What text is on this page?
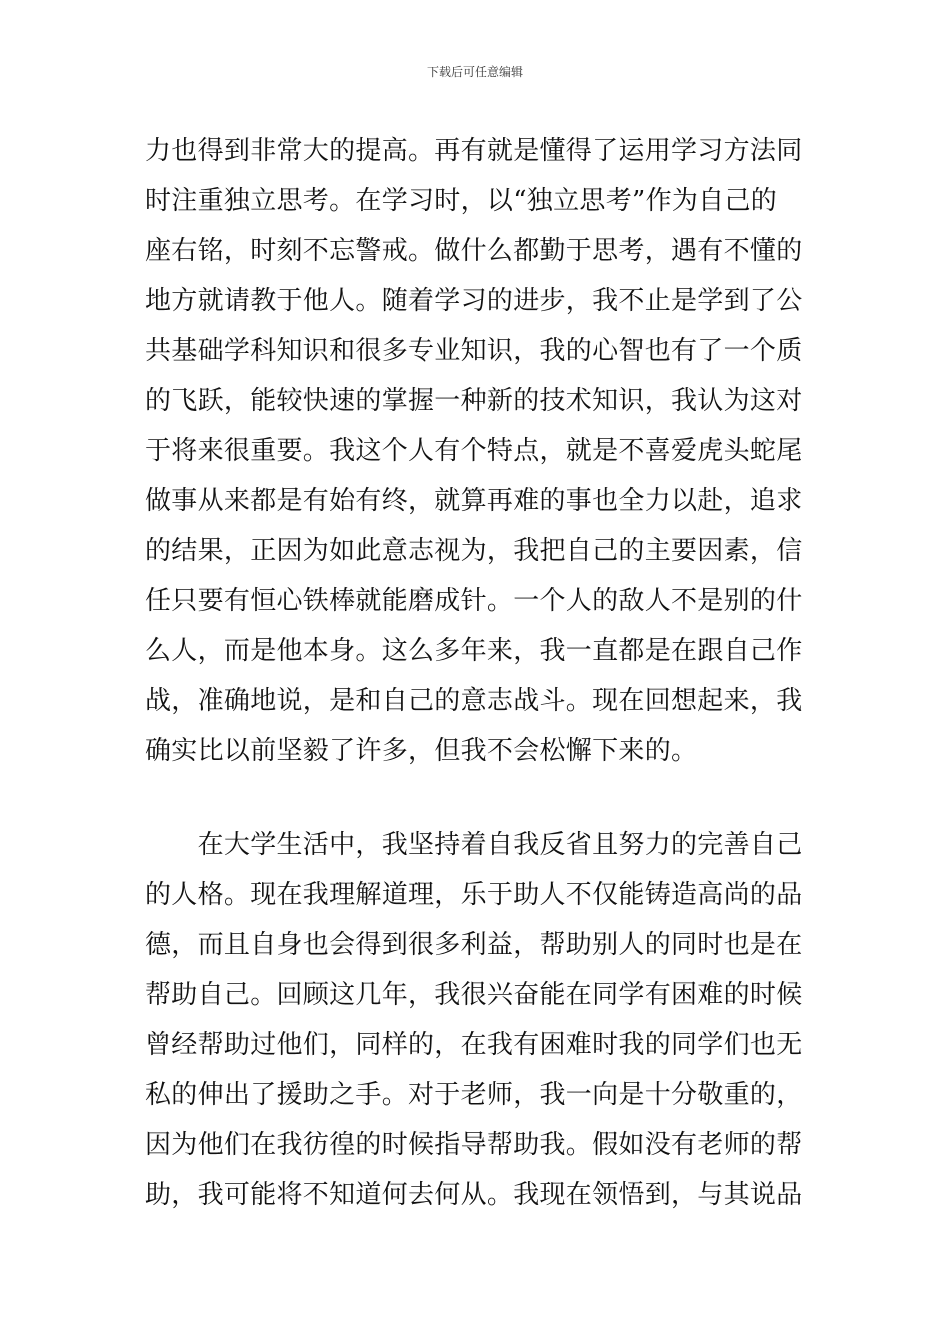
下载后可任意编辑
力也得到非常大的提高。再有就是懂得了运用学习方法同
时注重独立思考。在学习时，以“独立思考”作为自己的
座右铭，时刻不忘警戒。做什么都勤于思考，遇有不懂的
地方就请教于他人。随着学习的进步，我不止是学到了公
共基础学科知识和很多专业知识，我的心智也有了一个质
的飞跃，能较快速的掌握一种新的技术知识，我认为这对
于将来很重要。我这个人有个特点，就是不喜爱虎头蛇尾
做事从来都是有始有终，就算再难的事也全力以赴，追求
的结果，正因为如此意志视为，我把自己的主要因素，信
任只要有恒心铁棒就能磨成针。一个人的敌人不是别的什
么人，而是他本身。这么多年来，我一直都是在跟自己作
战，准确地说，是和自己的意志战斗。现在回想起来，我
确实比以前坚毅了许多，但我不会松懈下来的。
　　在大学生活中，我坚持着自我反省且努力的完善自己
的人格。现在我理解道理，乐于助人不仅能铸造高尚的品
德，而且自身也会得到很多利益，帮助别人的同时也是在
帮助自己。回顾这几年，我很兴奋能在同学有困难的时候
曾经帮助过他们，同样的，在我有困难时我的同学们也无
私的伸出了援助之手。对于老师，我一向是十分敬重的，
因为他们在我彷徨的时候指导帮助我。假如没有老师的帮
助，我可能将不知道何去何从。我现在领悟到，与其说品
